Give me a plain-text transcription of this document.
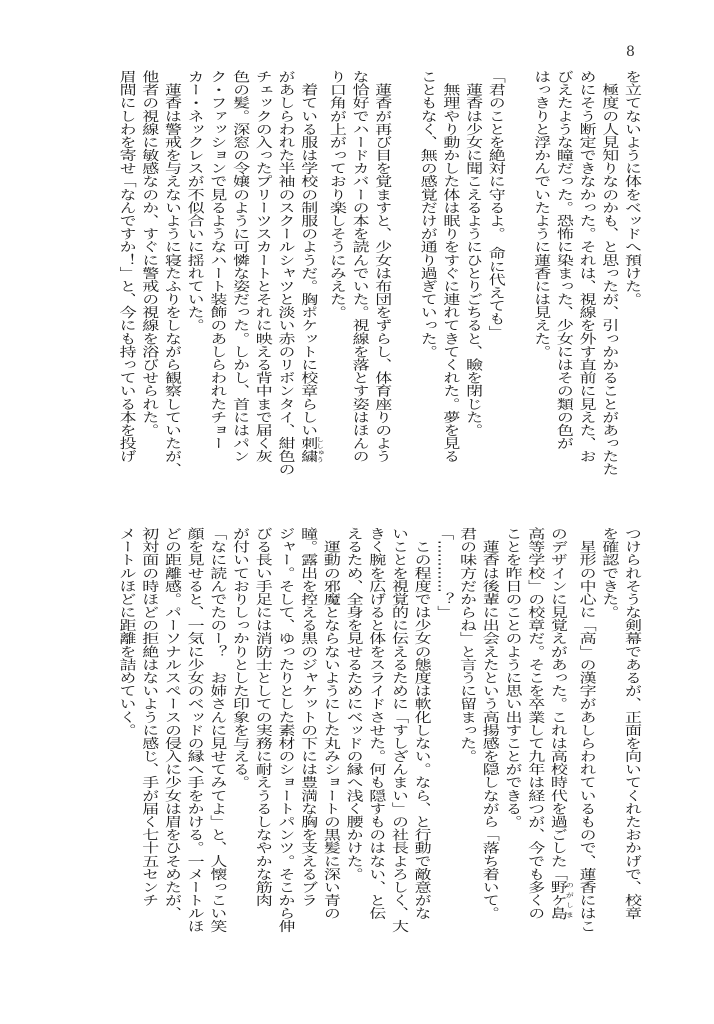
8
を立てないように体をベッドへ預けた。
　極度の人見知りなのかも、と思ったが、引っかかることがあったた
めにそう断定できなかった。それは、視線を外す直前に見えた、お
びえたような瞳だった。恐怖に染まった、少女にはその類の色が
はっきりと浮かんでいたように蓮香には見えた。
「君のことを絶対に守るよ。　命に代えても」
　蓮香は少女に聞こえるようにひとりごちると、瞼を閉じた。
　無理やり動かした体は眠りをすぐに連れてきてくれた。夢を見る
こともなく、無の感覚だけが通り過ぎていった。
　蓮香が再び目を覚ますと、少女は布団をずらし、体育座りのよう
な恰好でハードカバーの本を読んでいた。視線を落とす姿はほんの
り口角が上がっており楽しそうにみえた。
　着ている服は学校の制服のようだ。胸ポケットに校章らしい刺繍ししゅう
があしらわれた半袖のスクールシャツと淡い赤のリボンタイ、紺色の
チェックの入ったプリーツスカートとそれに映える背中まで届く灰
色の髪。深窓の令嬢のように可憐な姿だった。しかし、首にはパン
ク・ファッションで見るようなハート装飾のあしらわれたチョー
カー・ネックレスが不似合いに揺れていた。
　蓮香は警戒を与えないように寝たふりをしながら観察していたが、
他者の視線に敏感なのか、すぐに警戒の視線を浴びせられた。
眉間にしわを寄せ「なんですか！」と、今にも持っている本を投げ
つけられそうな剣幕であるが、正面を向いてくれたおかげで、校章
を確認できた。
　星形の中心に「高」の漢字があしらわれているもので、蓮香にはこ
のデザインに見覚えがあった。これは高校時代を過ごした「野ケ島のがしま
高等学校」の校章だ。そこを卒業して九年は経つが、今でも多くの
ことを昨日のことのように思い出すことができる。
　蓮香は後輩に出会えたという高揚感を隠しながら「落ち着いて。
君の味方だからね」と言うに留まった。
「…………？」
　この程度では少女の態度は軟化しない。なら、と行動で敵意がな
いことを視覚的に伝えるために「すしざんまい」の社長よろしく、大
きく腕を広げると体をスライドさせた。何も隠すものはない、と伝
えるため、全身を見せるためにベッドの縁へ浅く腰かけた。
　運動の邪魔とならないようにした丸みショートの黒髪に深い青の
瞳。露出を控える黒のジャケットの下には豊満な胸を支えるブラ
ジャー。そして、ゆったりとした素材のショートパンツ。そこから伸
びる長い手足には消防士としての実務に耐えうるしなやかな筋肉
が付いておりしっかりとした印象を与える。
「なに読んでたのー？　お姉さんに見せてみてよ」と、人懐っこい笑
顔を見せると、一気に少女のベッドの縁へ手をかける。一メートルほ
どの距離感。パーソナルスペースの侵入に少女は眉をひそめたが、
初対面の時ほどの拒絶はないように感じ、手が届く七十五センチ
メートルほどに距離を詰めていく。
